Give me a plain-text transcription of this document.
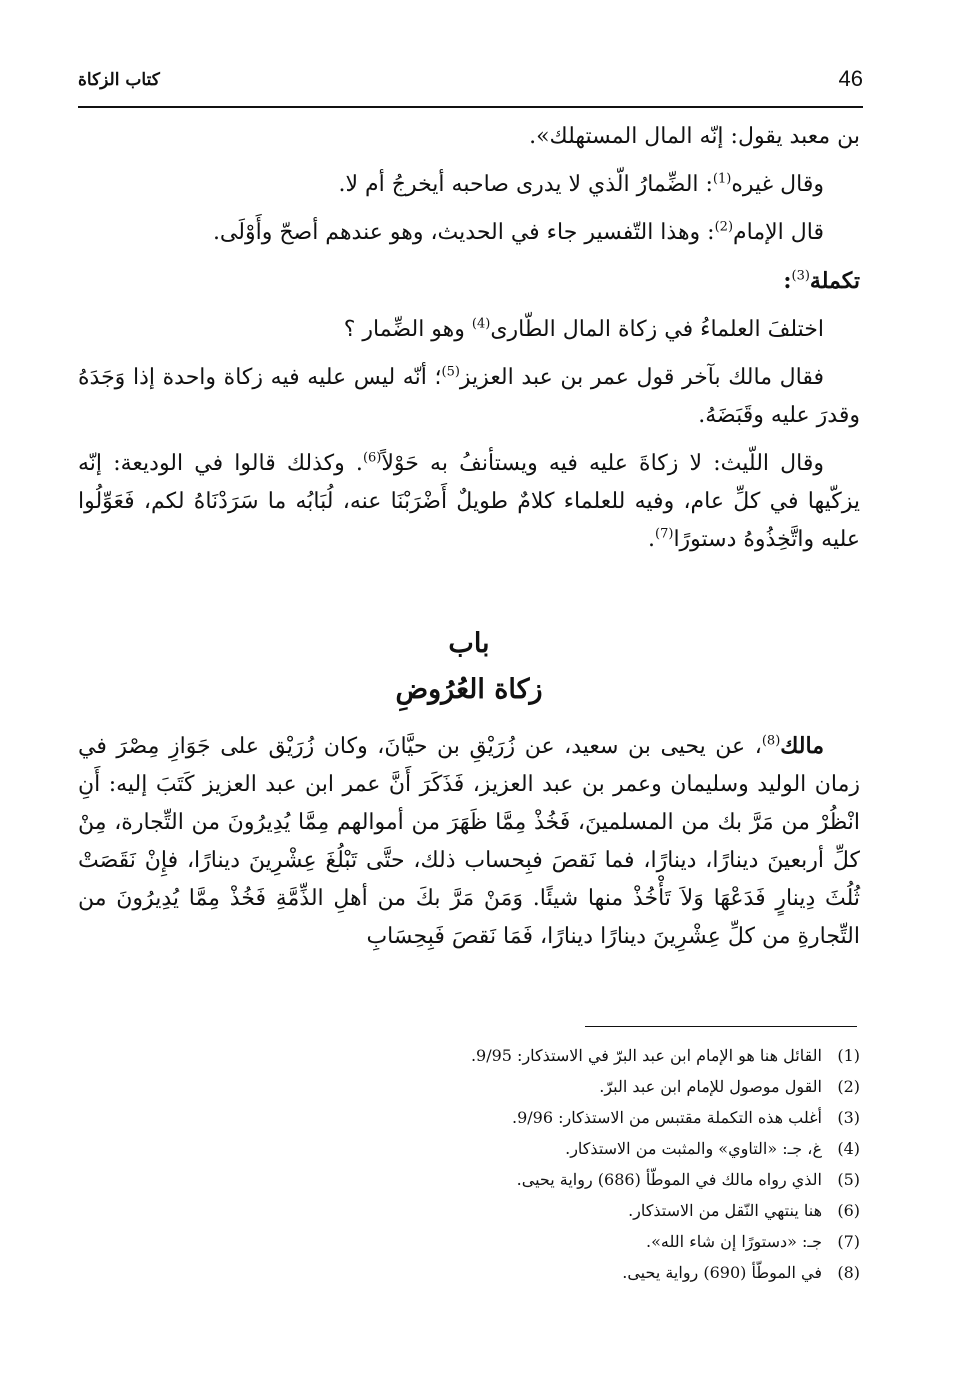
46
كتاب الزكاة

بن معبد يقول: إنّه المال المستهلك».

وقال غيره$^{(1)}$: الضِّمارُ الّذي لا يدرى صاحبه أيخرجُ أم لا.

قال الإمام$^{(2)}$: وهذا التّفسير جاء في الحديث، وهو عندهم أصحّ وأَوْلَى.

تكملة$^{(3)}$:

اختلفَ العلماءُ في زكاة المال الطّارى$^{(4)}$ وهو الضِّمار ؟

فقال مالك بآخر قول عمر بن عبد العزيز$^{(5)}$؛ أنّه ليس عليه فيه زكاة واحدة إذا وَجَدَهُ وقدرَ عليه وقَبَضَهُ.

وقال اللّيث: لا زكاةَ عليه فيه ويستأنفُ به حَوْلاً$^{(6)}$. وكذلك قالوا في الوديعة: إنّه يزكّيها في كلِّ عام، وفيه للعلماء كلامٌ طويلٌ أَضْرَبْنَا عنه، لُبَابُه ما سَرَدْنَاهُ لكم، فَعَوِّلُوا عليه واتَّخِذُوهُ دستورًا$^{(7)}$.

باب
زكاة العُرُوضِ

مالك$^{(8)}$، عن يحيى بن سعيد، عن زُرَيْقِ بن حيَّانَ، وكان زُرَيْق على جَوَازِ مِصْرَ في زمان الوليد وسليمان وعمر بن عبد العزيز، فَذَكَرَ أَنَّ عمر ابن عبد العزيز كَتَبَ إليه: أَنِ انْظُرْ من مَرَّ بك من المسلمينَ، فَخُذْ مِمَّا ظَهَرَ من أموالهم مِمَّا يُدِيرُونَ من التِّجارة، مِنْ كلِّ أربعينَ دينارًا، دينارًا، فما نَقصَ فبِحساب ذلك، حتَّى تَبْلُغَ عِشْرِينَ دينارًا، فإِنْ نَقَصَتْ ثُلُثَ دِينارٍ فَدَعْهَا وَلاَ تَأْخُذْ منها شيئًا. وَمَنْ مَرَّ بكَ من أهلِ الذِّمَّةِ فَخُذْ مِمَّا يُدِيرُونَ من التِّجارةِ من كلِّ عِشْرِينَ دينارًا دينارًا، فَمَا نَقصَ فَبِحِسَابِ

(1)
القائل هنا هو الإمام ابن عبد البرّ في الاستذكار: 9/95.
(2)
القول موصول للإمام ابن عبد البرّ.
(3)
أغلب هذه التكملة مقتبس من الاستذكار: 9/96.
(4)
غ، جـ: «التاوي» والمثبت من الاستذكار.
(5)
الذي رواه مالك في الموطّأ (686) رواية يحيى.
(6)
هنا ينتهي النّقل من الاستذكار.
(7)
جـ: «دستورًا إن شاء الله».
(8)
في الموطّأ (690) رواية يحيى.
